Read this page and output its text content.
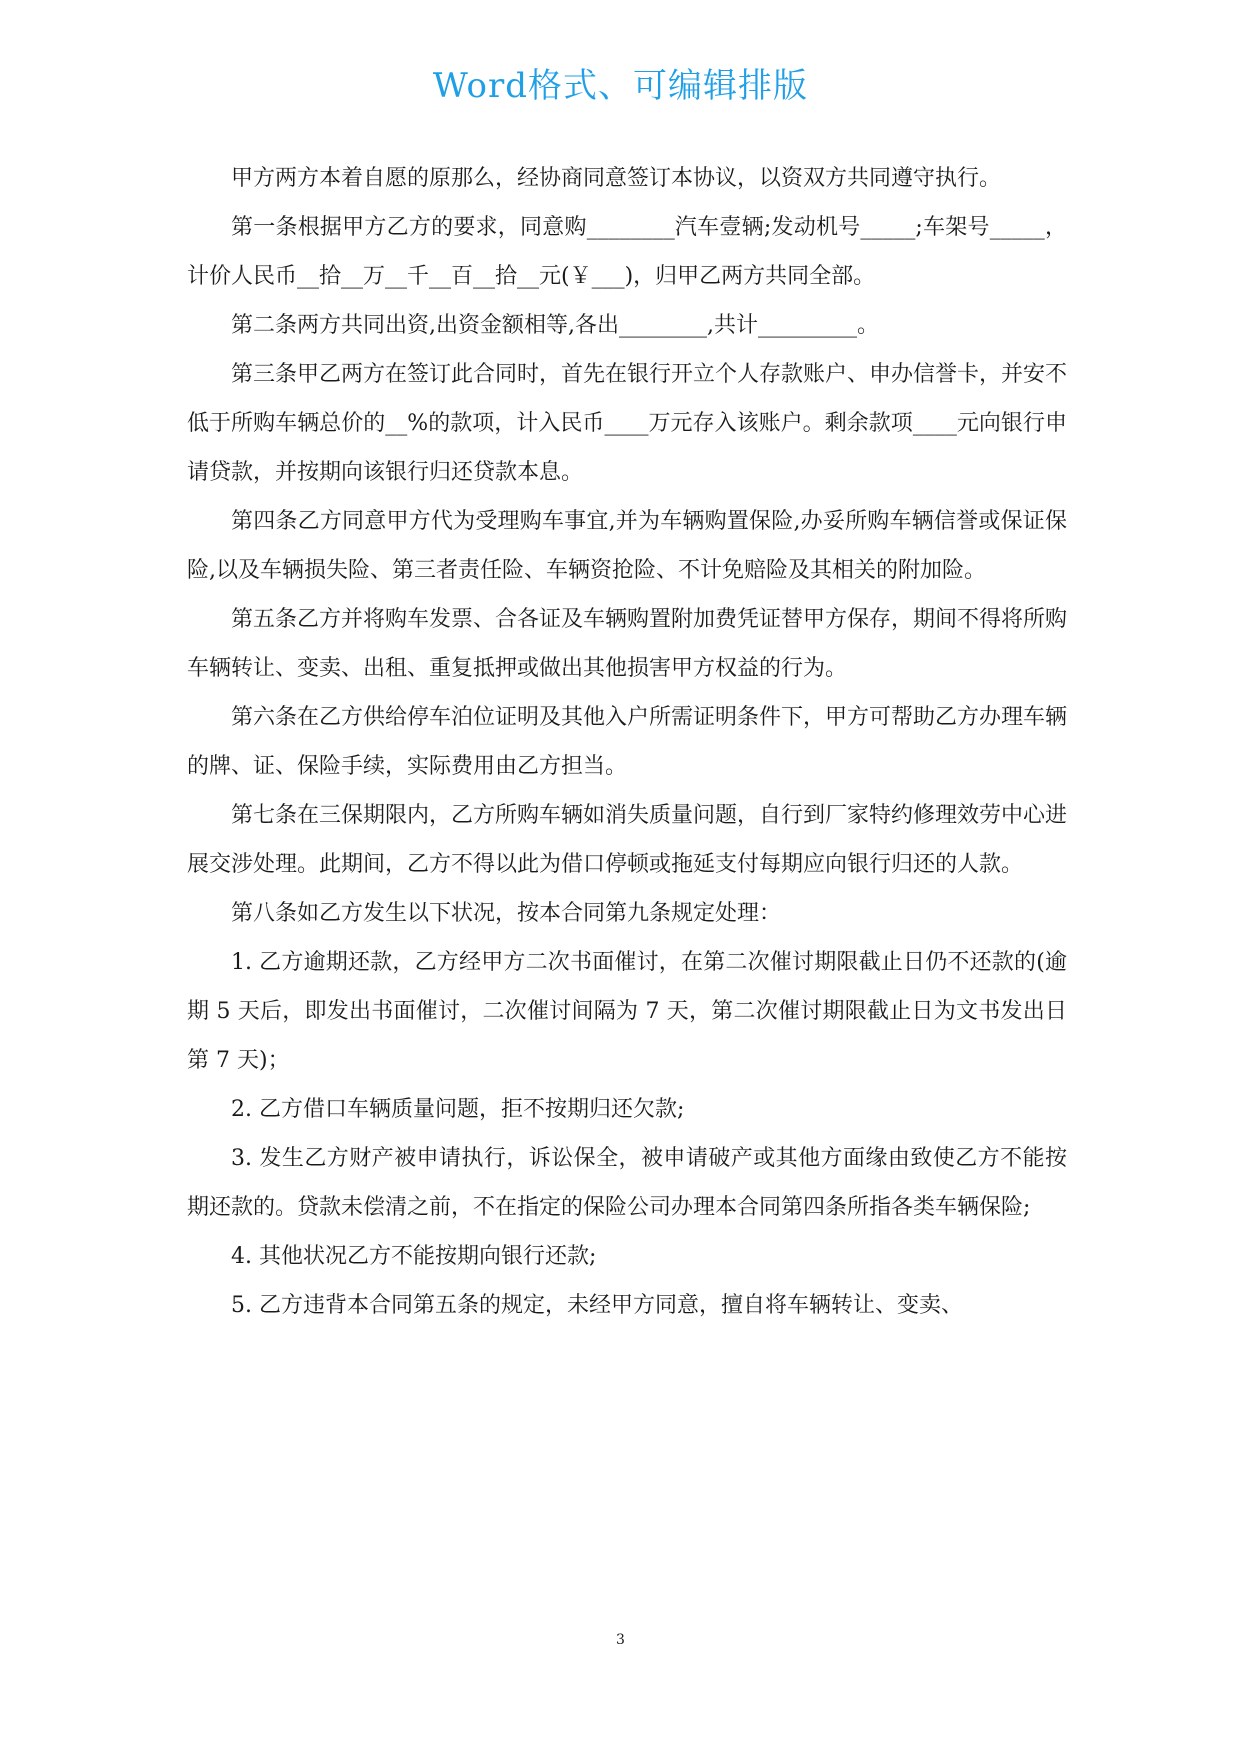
Word格式、可编辑排版

甲方两方本着自愿的原那么，经协商同意签订本协议，以资双方共同遵守执行。

第一条根据甲方乙方的要求，同意购________汽车壹辆;发动机号_____;车架号_____，计价人民币__拾__万__千__百__拾__元(￥___)，归甲乙两方共同全部。

第二条两方共同出资,出资金额相等,各出________,共计_________。

第三条甲乙两方在签订此合同时，首先在银行开立个人存款账户、申办信誉卡，并安不低于所购车辆总价的__%的款项，计入民币____万元存入该账户。剩余款项____元向银行申请贷款，并按期向该银行归还贷款本息。

第四条乙方同意甲方代为受理购车事宜,并为车辆购置保险,办妥所购车辆信誉或保证保险,以及车辆损失险、第三者责任险、车辆资抢险、不计免赔险及其相关的附加险。

第五条乙方并将购车发票、合各证及车辆购置附加费凭证替甲方保存，期间不得将所购车辆转让、变卖、出租、重复抵押或做出其他损害甲方权益的行为。

第六条在乙方供给停车泊位证明及其他入户所需证明条件下，甲方可帮助乙方办理车辆的牌、证、保险手续，实际费用由乙方担当。

第七条在三保期限内，乙方所购车辆如消失质量问题，自行到厂家特约修理效劳中心进展交涉处理。此期间，乙方不得以此为借口停顿或拖延支付每期应向银行归还的人款。

第八条如乙方发生以下状况，按本合同第九条规定处理：

1. 乙方逾期还款，乙方经甲方二次书面催讨，在第二次催讨期限截止日仍不还款的(逾期 5 天后，即发出书面催讨，二次催讨间隔为 7 天，第二次催讨期限截止日为文书发出日第 7 天)；

2. 乙方借口车辆质量问题，拒不按期归还欠款;

3. 发生乙方财产被申请执行，诉讼保全，被申请破产或其他方面缘由致使乙方不能按期还款的。贷款未偿清之前，不在指定的保险公司办理本合同第四条所指各类车辆保险;

4. 其他状况乙方不能按期向银行还款;

5. 乙方违背本合同第五条的规定，未经甲方同意，擅自将车辆转让、变卖、

3
